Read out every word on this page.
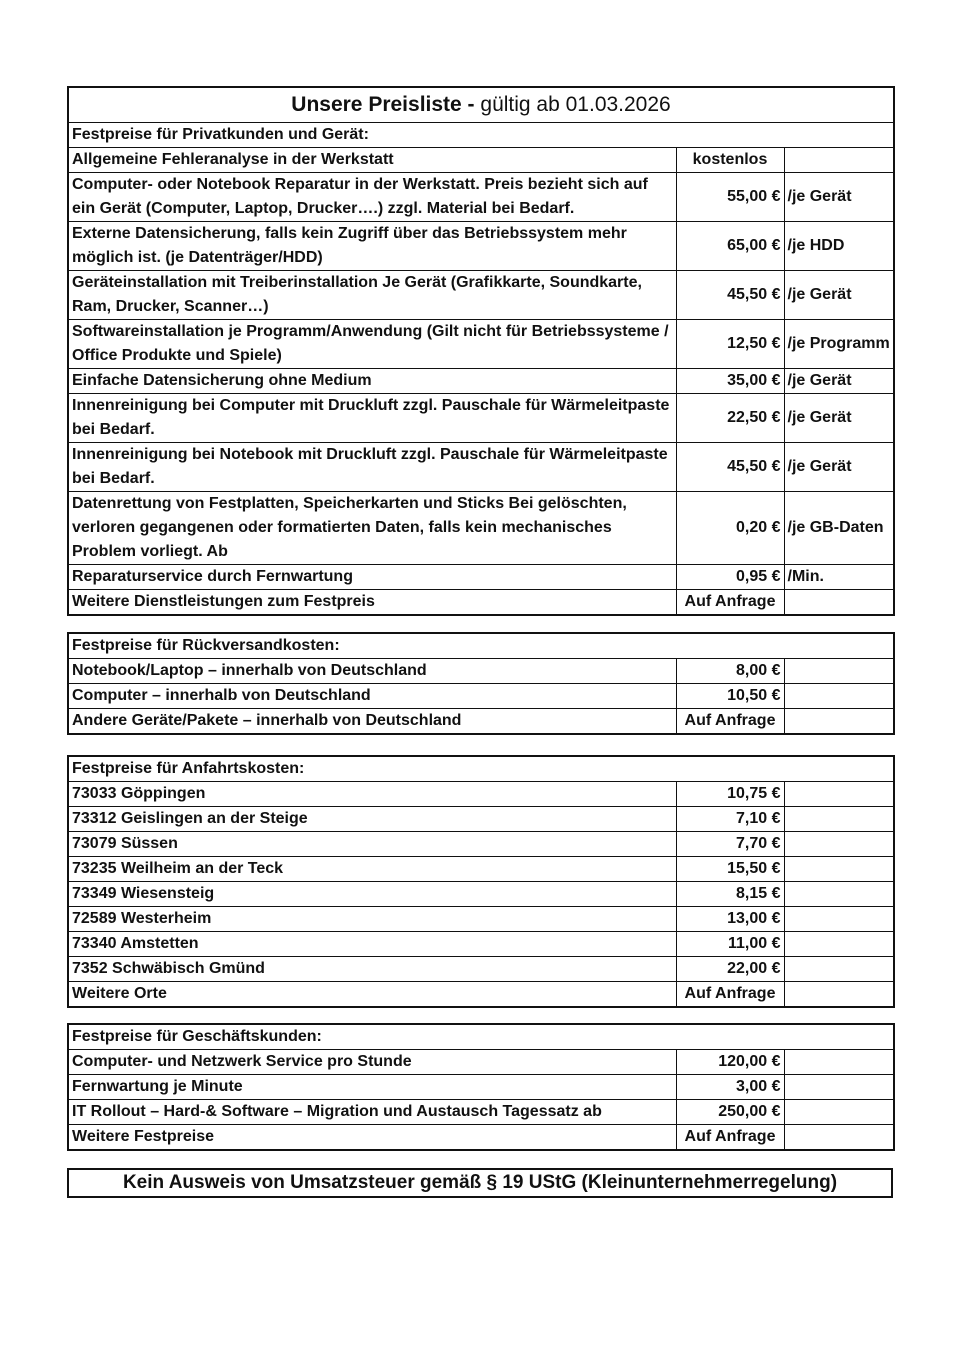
Unsere Preisliste - gültig ab 01.03.2026		
Festpreise für Privatkunden und Gerät:		
Allgemeine Fehleranalyse in der Werkstatt	kostenlos	
Computer- oder Notebook Reparatur in der Werkstatt. Preis bezieht sich auf ein Gerät (Computer, Laptop, Drucker….) zzgl. Material bei Bedarf.	55,00 €	/je Gerät
Externe Datensicherung, falls kein Zugriff über das Betriebssystem mehr möglich ist. (je Datenträger/HDD)	65,00 €	/je HDD
Geräteinstallation mit Treiberinstallation Je Gerät (Grafikkarte, Soundkarte, Ram, Drucker, Scanner…)	45,50 €	/je Gerät
Softwareinstallation je Programm/Anwendung (Gilt nicht für Betriebssysteme / Office Produkte und Spiele)	12,50 €	/je Programm
Einfache Datensicherung ohne Medium	35,00 €	/je Gerät
Innenreinigung bei Computer mit Druckluft zzgl. Pauschale für Wärmeleitpaste bei Bedarf.	22,50 €	/je Gerät
Innenreinigung bei Notebook mit Druckluft zzgl. Pauschale für Wärmeleitpaste bei Bedarf.	45,50 €	/je Gerät
Datenrettung von Festplatten, Speicherkarten und Sticks Bei gelöschten, verloren gegangenen oder formatierten Daten, falls kein mechanisches Problem vorliegt. Ab	0,20 €	/je GB-Daten
Reparaturservice durch Fernwartung	0,95 €	/Min.
Weitere Dienstleistungen zum Festpreis	Auf Anfrage	
Festpreise für Rückversandkosten:		
Notebook/Laptop – innerhalb von Deutschland	8,00 €	
Computer – innerhalb von Deutschland	10,50 €	
Andere Geräte/Pakete – innerhalb von Deutschland	Auf Anfrage	
Festpreise für Anfahrtskosten:		
73033 Göppingen	10,75 €	
73312 Geislingen an der Steige	7,10 €	
73079 Süssen	7,70 €	
73235 Weilheim an der Teck	15,50 €	
73349 Wiesensteig	8,15 €	
72589 Westerheim	13,00 €	
73340 Amstetten	11,00 €	
7352 Schwäbisch Gmünd	22,00 €	
Weitere Orte	Auf Anfrage	
Festpreise für Geschäftskunden:		
Computer- und Netzwerk Service pro Stunde	120,00 €	
Fernwartung je Minute	3,00 €	
IT Rollout – Hard-& Software – Migration und Austausch Tagessatz ab	250,00 €	
Weitere Festpreise	Auf Anfrage	
Kein Ausweis von Umsatzsteuer gemäß § 19 UStG (Kleinunternehmerregelung)
